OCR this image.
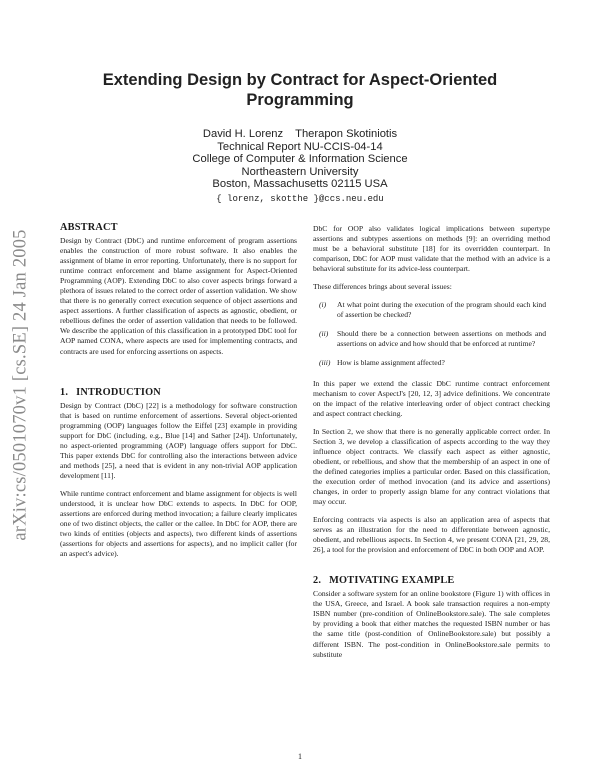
arXiv:cs/0501070v1 [cs.SE] 24 Jan 2005
Extending Design by Contract for Aspect-Oriented Programming
David H. Lorenz Therapon Skotiniotis
Technical Report NU-CCIS-04-14
College of Computer & Information Science
Northeastern University
Boston, Massachusetts 02115 USA
{ lorenz, skotthe }@ccs.neu.edu
ABSTRACT

Design by Contract (DbC) and runtime enforcement of program assertions enables the construction of more robust software. It also enables the assignment of blame in error reporting. Unfortunately, there is no support for runtime contract enforcement and blame assignment for Aspect-Oriented Programming (AOP). Extending DbC to also cover aspects brings forward a plethora of issues related to the correct order of assertion validation. We show that there is no generally correct execution sequence of object assertions and aspect assertions. A further classification of aspects as agnostic, obedient, or rebellious defines the order of assertion validation that needs to be followed. We describe the application of this classification in a prototyped DbC tool for AOP named CONA, where aspects are used for implementing contracts, and contracts are used for enforcing assertions on aspects.

1. INTRODUCTION

Design by Contract (DbC) [22] is a methodology for software construction that is based on runtime enforcement of assertions. Several object-oriented programming (OOP) languages follow the Eiffel [23] example in providing support for DbC (including, e.g., Blue [14] and Sather [24]). Unfortunately, no aspect-oriented programming (AOP) language offers support for DbC. This paper extends DbC for controlling also the interactions between advice and methods [25], a need that is evident in any non-trivial AOP application development [11].

While runtime contract enforcement and blame assignment for objects is well understood, it is unclear how DbC extends to aspects. In DbC for OOP, assertions are enforced during method invocation; a failure clearly implicates one of two distinct objects, the caller or the callee. In DbC for AOP, there are two kinds of entities (objects and aspects), two different kinds of assertions (assertions for objects and assertions for aspects), and no implicit caller (for an aspect's advice).

DbC for OOP also validates logical implications between supertype assertions and subtypes assertions on methods [9]: an overriding method must be a behavioral substitute [18] for its overridden counterpart. In comparison, DbC for AOP must validate that the method with an advice is a behavioral substitute for its advice-less counterpart.

These differences brings about several issues:

(i) At what point during the execution of the program should each kind of assertion be checked?
(ii) Should there be a connection between assertions on methods and assertions on advice and how should that be enforced at runtime?
(iii) How is blame assignment affected?

In this paper we extend the classic DbC runtime contract enforcement mechanism to cover AspectJ's [20, 12, 3] advice definitions. We concentrate on the impact of the relative interleaving order of object contract checking and aspect contract checking.

In Section 2, we show that there is no generally applicable correct order. In Section 3, we develop a classification of aspects according to the way they influence object contracts. We classify each aspect as either agnostic, obedient, or rebellious, and show that the membership of an aspect in one of the defined categories implies a particular order. Based on this classification, the execution order of method invocation (and its advice and assertions) changes, in order to properly assign blame for any contract violations that may occur.

Enforcing contracts via aspects is also an application area of aspects that serves as an illustration for the need to differentiate between agnostic, obedient, and rebellious aspects. In Section 4, we present CONA [21, 29, 28, 26], a tool for the provision and enforcement of DbC in both OOP and AOP.

2. MOTIVATING EXAMPLE

Consider a software system for an online bookstore (Figure 1) with offices in the USA, Greece, and Israel. A book sale transaction requires a non-empty ISBN number (pre-condition of OnlineBookstore.sale). The sale completes by providing a book that either matches the requested ISBN number or has the same title (post-condition of OnlineBookstore.sale) but possibly a different ISBN. The post-condition in OnlineBookstore.sale permits to substitute

1
